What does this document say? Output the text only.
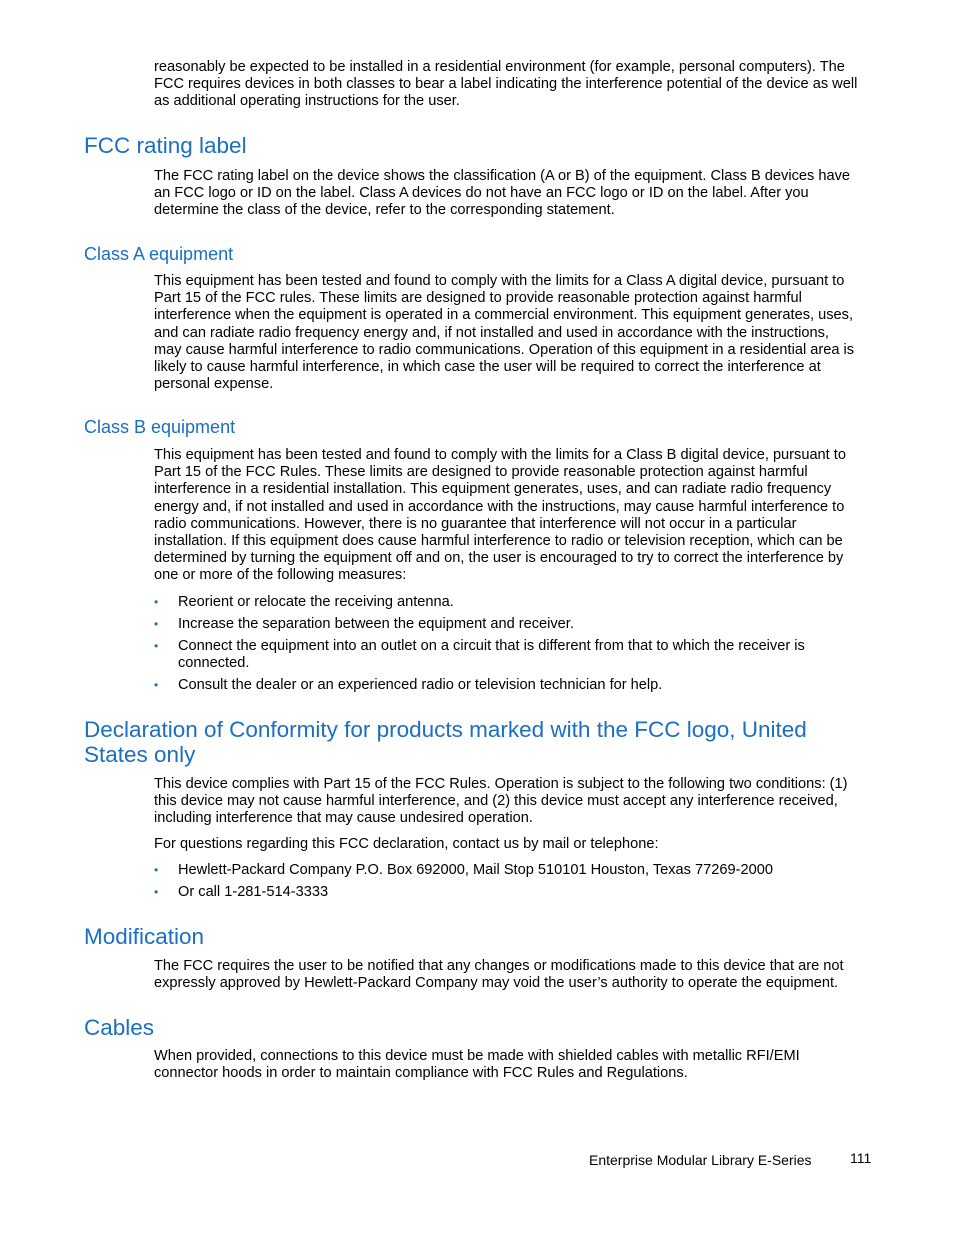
reasonably be expected to be installed in a residential environment (for example, personal computers). The FCC requires devices in both classes to bear a label indicating the interference potential of the device as well as additional operating instructions for the user.

FCC rating label

The FCC rating label on the device shows the classification (A or B) of the equipment. Class B devices have an FCC logo or ID on the label. Class A devices do not have an FCC logo or ID on the label. After you determine the class of the device, refer to the corresponding statement.

Class A equipment

This equipment has been tested and found to comply with the limits for a Class A digital device, pursuant to Part 15 of the FCC rules. These limits are designed to provide reasonable protection against harmful interference when the equipment is operated in a commercial environment. This equipment generates, uses, and can radiate radio frequency energy and, if not installed and used in accordance with the instructions, may cause harmful interference to radio communications. Operation of this equipment in a residential area is likely to cause harmful interference, in which case the user will be required to correct the interference at personal expense.

Class B equipment

This equipment has been tested and found to comply with the limits for a Class B digital device, pursuant to Part 15 of the FCC Rules. These limits are designed to provide reasonable protection against harmful interference in a residential installation. This equipment generates, uses, and can radiate radio frequency energy and, if not installed and used in accordance with the instructions, may cause harmful interference to radio communications. However, there is no guarantee that interference will not occur in a particular installation. If this equipment does cause harmful interference to radio or television reception, which can be determined by turning the equipment off and on, the user is encouraged to try to correct the interference by one or more of the following measures:

• Reorient or relocate the receiving antenna.
• Increase the separation between the equipment and receiver.
• Connect the equipment into an outlet on a circuit that is different from that to which the receiver is connected.
• Consult the dealer or an experienced radio or television technician for help.
Declaration of Conformity for products marked with the FCC logo, United States only

This device complies with Part 15 of the FCC Rules. Operation is subject to the following two conditions: (1) this device may not cause harmful interference, and (2) this device must accept any interference received, including interference that may cause undesired operation.

For questions regarding this FCC declaration, contact us by mail or telephone:

• Hewlett-Packard Company P.O. Box 692000, Mail Stop 510101 Houston, Texas 77269-2000
• Or call 1-281-514-3333
Modification

The FCC requires the user to be notified that any changes or modifications made to this device that are not expressly approved by Hewlett-Packard Company may void the user’s authority to operate the equipment.

Cables

When provided, connections to this device must be made with shielded cables with metallic RFI/EMI connector hoods in order to maintain compliance with FCC Rules and Regulations.

Enterprise Modular Library E-Series	111
